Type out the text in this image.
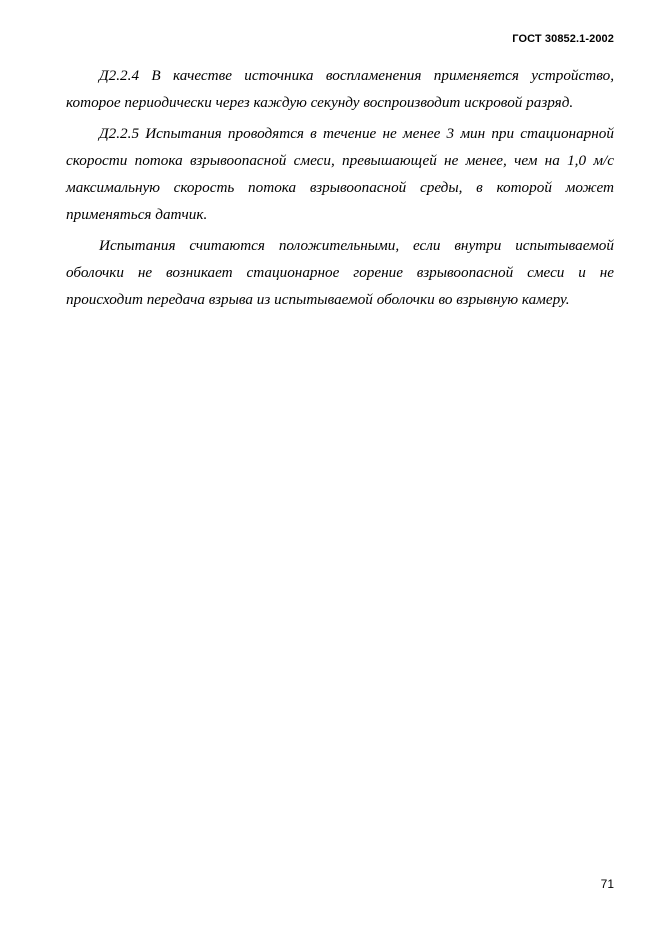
ГОСТ 30852.1-2002

Д2.2.4 В качестве источника воспламенения применяется устройство, которое периодически через каждую секунду воспроизводит искровой разряд.

Д2.2.5 Испытания проводятся в течение не менее 3 мин при стационарной скорости потока взрывоопасной смеси, превышающей не менее, чем на 1,0 м/с максимальную скорость потока взрывоопасной среды, в которой может применяться датчик.

Испытания считаются положительными, если внутри испытываемой оболочки не возникает стационарное горение взрывоопасной смеси и не происходит передача взрыва из испытываемой оболочки во взрывную камеру.

71
